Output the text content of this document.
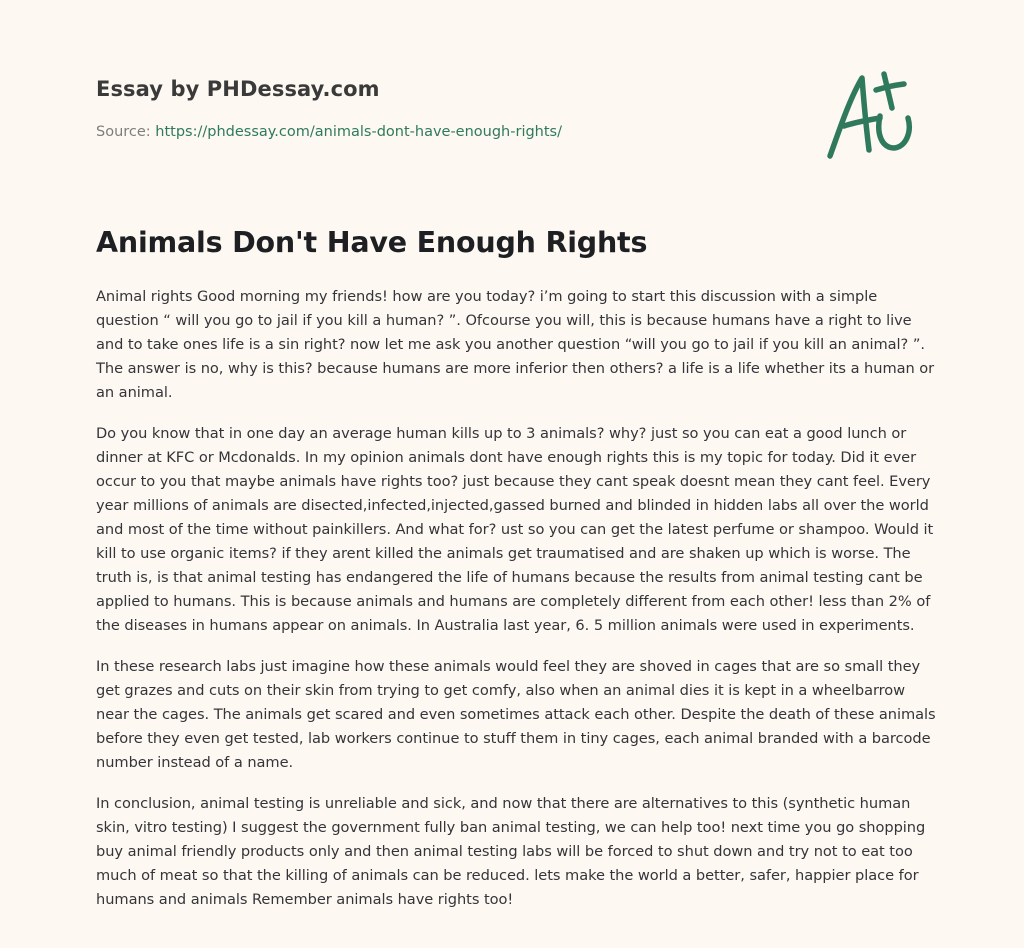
Essay by PHDessay.com
Source: https://phdessay.com/animals-dont-have-enough-rights/
Animals Don't Have Enough Rights

Animal rights Good morning my friends! how are you today? i’m going to start this discussion with a simple question “ will you go to jail if you kill a human? ”. Ofcourse you will, this is because humans have a right to live and to take ones life is a sin right? now let me ask you another question “will you go to jail if you kill an animal? ”. The answer is no, why is this? because humans are more inferior then others? a life is a life whether its a human or an animal.

Do you know that in one day an average human kills up to 3 animals? why? just so you can eat a good lunch or dinner at KFC or Mcdonalds. In my opinion animals dont have enough rights this is my topic for today. Did it ever occur to you that maybe animals have rights too? just because they cant speak doesnt mean they cant feel. Every year millions of animals are disected,infected,injected,gassed burned and blinded in hidden labs all over the world and most of the time without painkillers. And what for? ust so you can get the latest perfume or shampoo. Would it kill to use organic items? if they arent killed the animals get traumatised and are shaken up which is worse. The truth is, is that animal testing has endangered the life of humans because the results from animal testing cant be applied to humans. This is because animals and humans are completely different from each other! less than 2% of the diseases in humans appear on animals. In Australia last year, 6. 5 million animals were used in experiments.

In these research labs just imagine how these animals would feel they are shoved in cages that are so small they get grazes and cuts on their skin from trying to get comfy, also when an animal dies it is kept in a wheelbarrow near the cages. The animals get scared and even sometimes attack each other. Despite the death of these animals before they even get tested, lab workers continue to stuff them in tiny cages, each animal branded with a barcode number instead of a name.

In conclusion, animal testing is unreliable and sick, and now that there are alternatives to this (synthetic human skin, vitro testing) I suggest the government fully ban animal testing, we can help too! next time you go shopping buy animal friendly products only and then animal testing labs will be forced to shut down and try not to eat too much of meat so that the killing of animals can be reduced. lets make the world a better, safer, happier place for humans and animals Remember animals have rights too!
